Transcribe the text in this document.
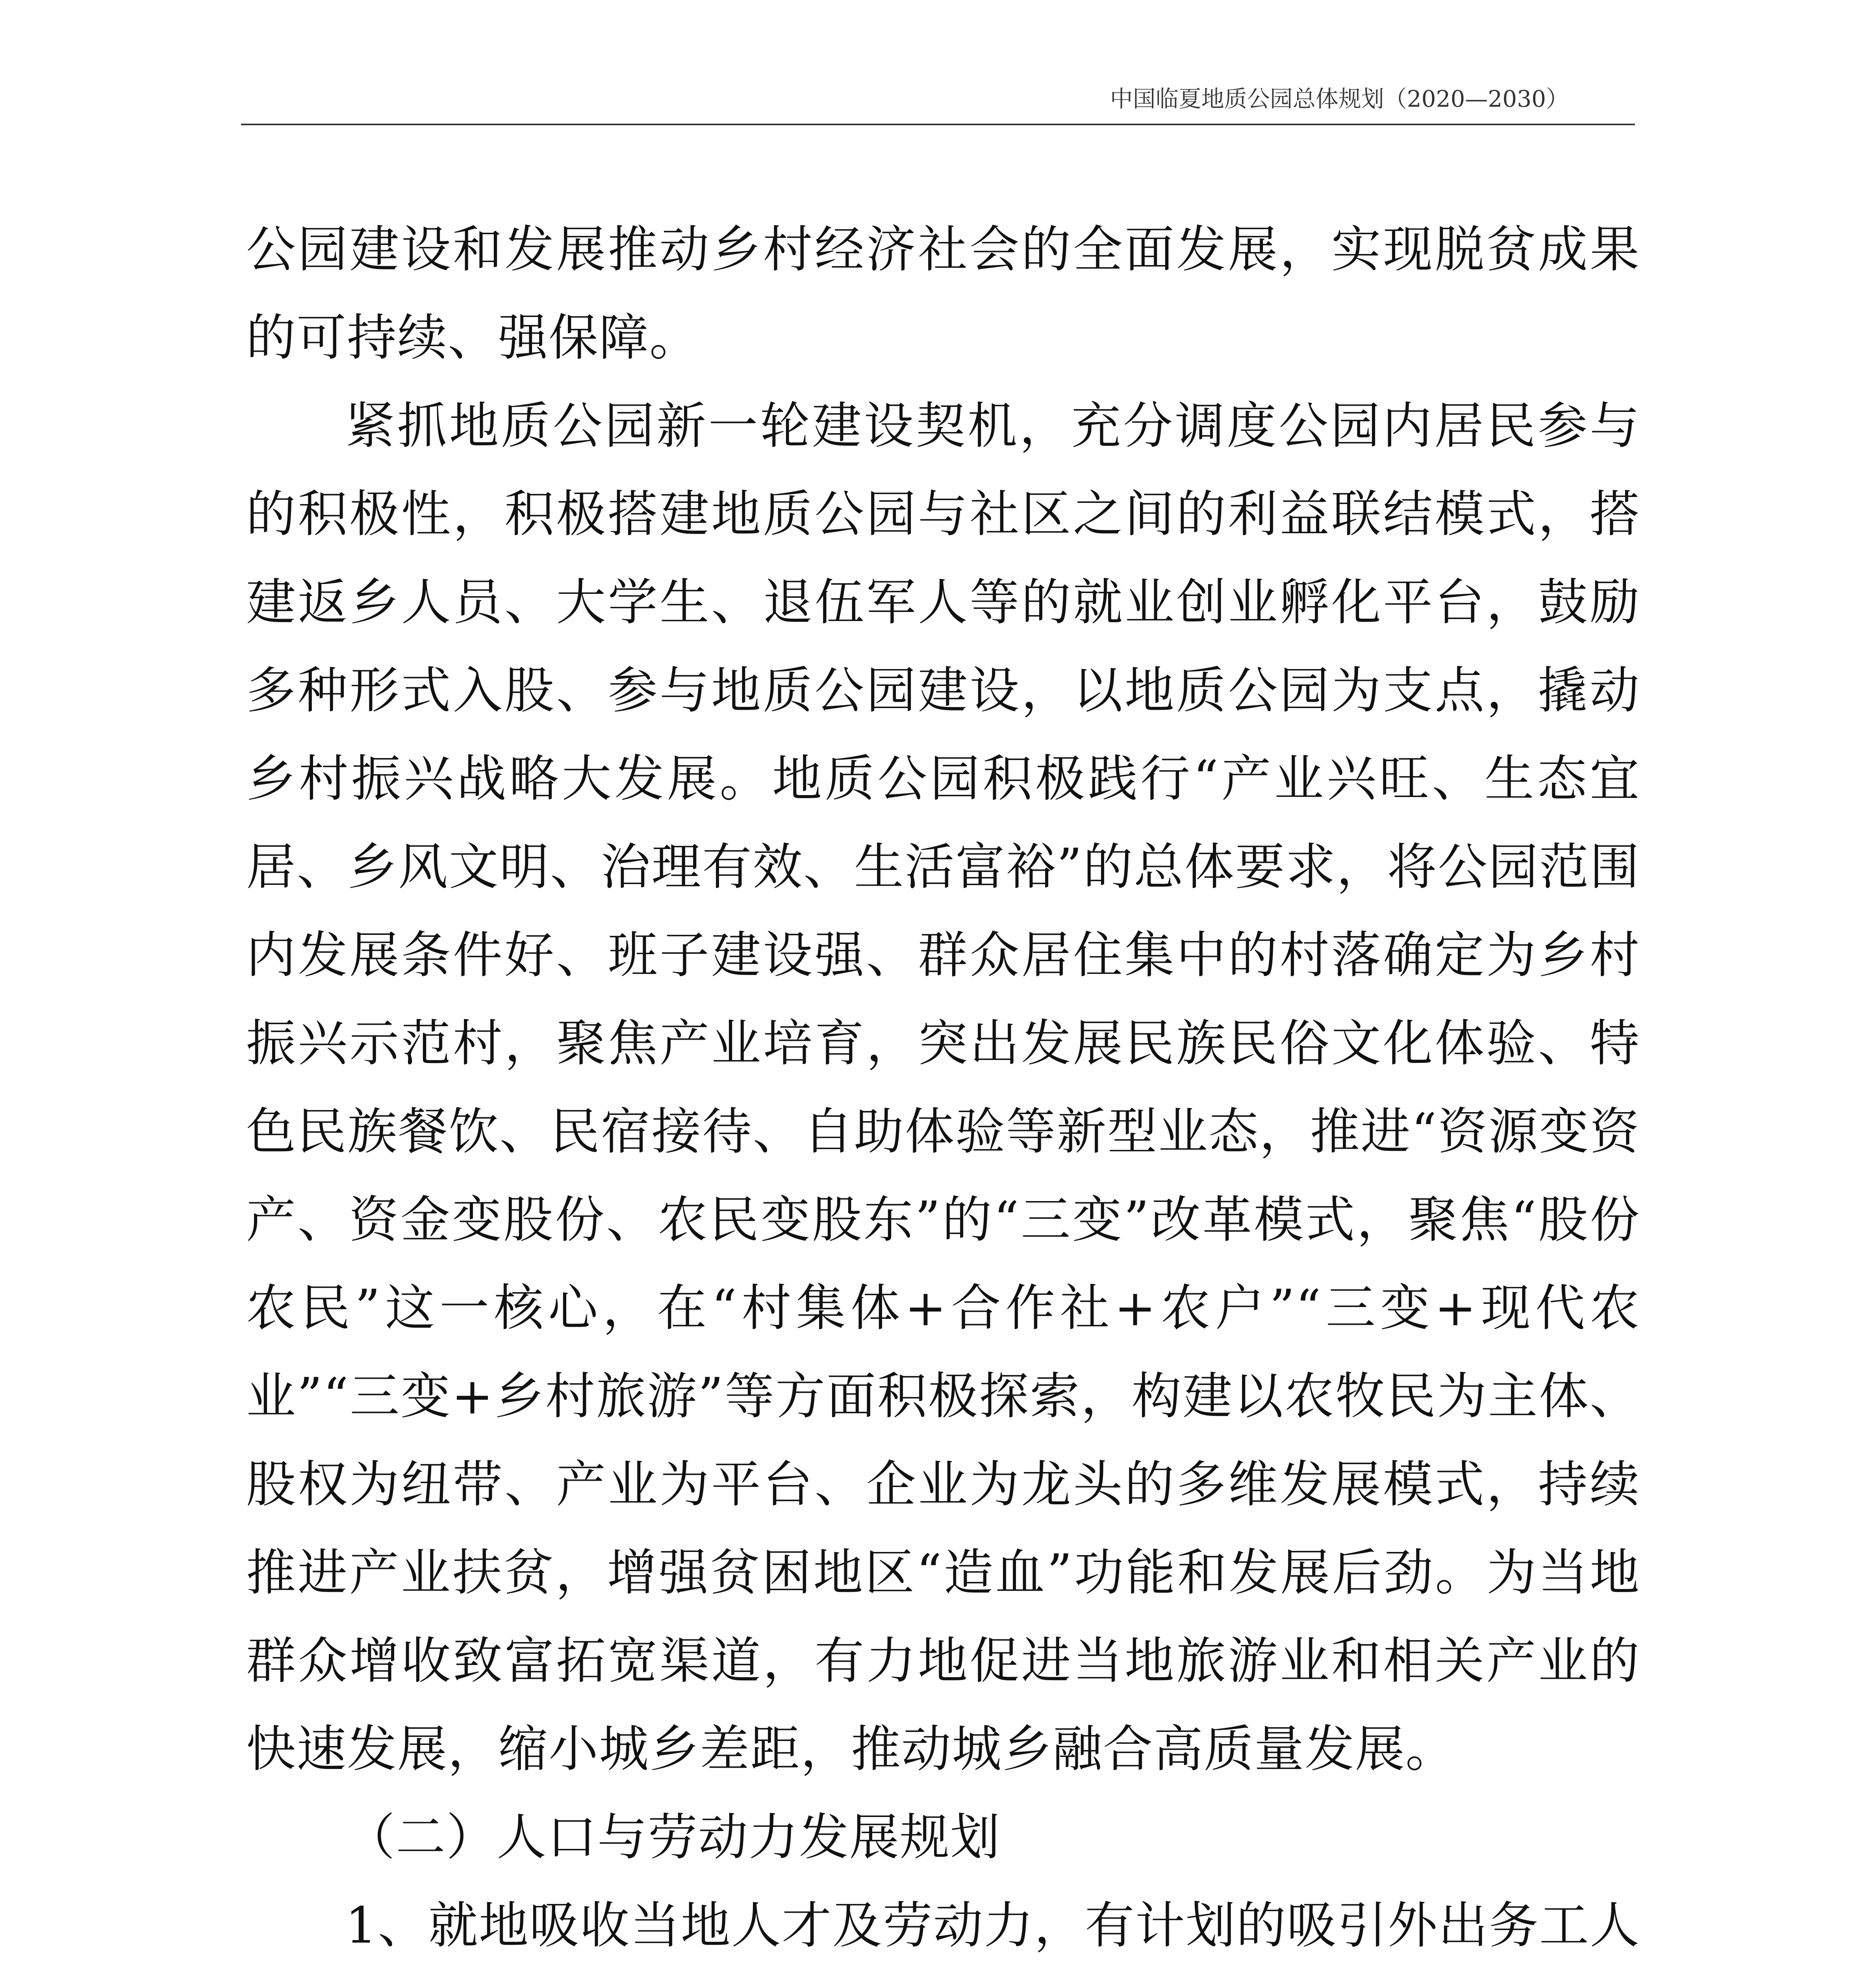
中国临夏地质公园总体规划（2020—2030）

公园建设和发展推动乡村经济社会的全面发展，实现脱贫成果的可持续、强保障。

紧抓地质公园新一轮建设契机，充分调度公园内居民参与的积极性，积极搭建地质公园与社区之间的利益联结模式，搭建返乡人员、大学生、退伍军人等的就业创业孵化平台，鼓励多种形式入股、参与地质公园建设，以地质公园为支点，撬动乡村振兴战略大发展。地质公园积极践行“产业兴旺、生态宜居、乡风文明、治理有效、生活富裕”的总体要求，将公园范围内发展条件好、班子建设强、群众居住集中的村落确定为乡村振兴示范村，聚焦产业培育，突出发展民族民俗文化体验、特色民族餐饮、民宿接待、自助体验等新型业态，推进“资源变资产、资金变股份、农民变股东”的“三变”改革模式，聚焦“股份农民”这一核心，在“村集体+合作社+农户”“三变+现代农业”“三变+乡村旅游”等方面积极探索，构建以农牧民为主体、股权为纽带、产业为平台、企业为龙头的多维发展模式，持续推进产业扶贫，增强贫困地区“造血”功能和发展后劲。为当地群众增收致富拓宽渠道，有力地促进当地旅游业和相关产业的快速发展，缩小城乡差距，推动城乡融合高质量发展。

（二）人口与劳动力发展规划

1、就地吸收当地人才及劳动力，有计划的吸引外出务工人
